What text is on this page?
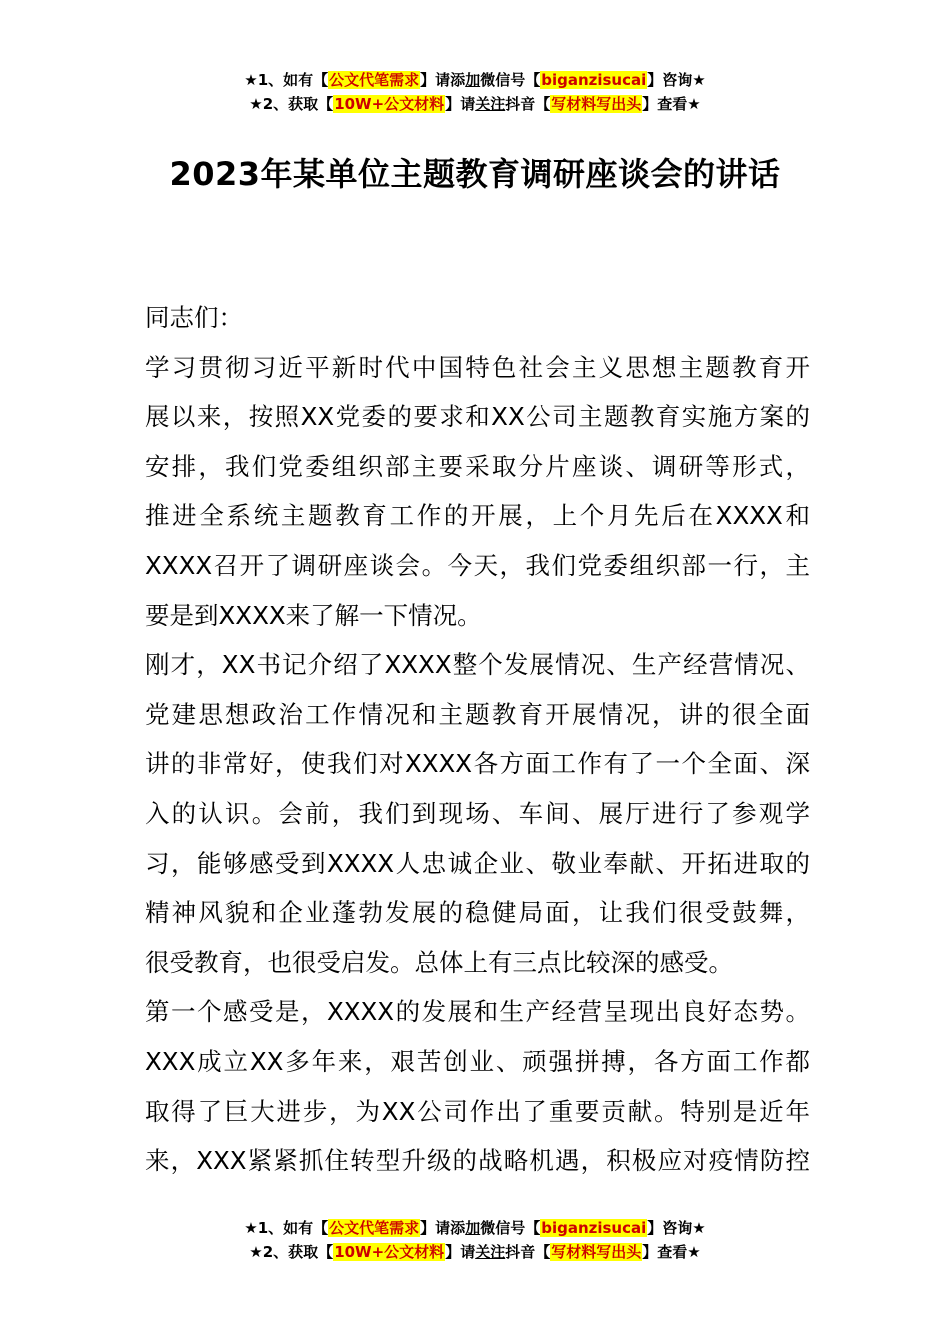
★1、如有【公文代笔需求】请添加微信号【biganzisucai】咨询★
★2、获取【10W+公文材料】请关注抖音【写材料写出头】查看★
2023年某单位主题教育调研座谈会的讲话

同志们：

学习贯彻习近平新时代中国特色社会主义思想主题教育开
展以来，按照XX党委的要求和XX公司主题教育实施方案的
安排，我们党委组织部主要采取分片座谈、调研等形式，
推进全系统主题教育工作的开展，上个月先后在XXXX和
XXXX召开了调研座谈会。今天，我们党委组织部一行，主
要是到XXXX来了解一下情况。

刚才，XX书记介绍了XXXX整个发展情况、生产经营情况、
党建思想政治工作情况和主题教育开展情况，讲的很全面
讲的非常好，使我们对XXXX各方面工作有了一个全面、深
入的认识。会前，我们到现场、车间、展厅进行了参观学
习，能够感受到XXXX人忠诚企业、敬业奉献、开拓进取的
精神风貌和企业蓬勃发展的稳健局面，让我们很受鼓舞，
很受教育，也很受启发。总体上有三点比较深的感受。

第一个感受是，XXXX的发展和生产经营呈现出良好态势。
XXX成立XX多年来，艰苦创业、顽强拼搏，各方面工作都
取得了巨大进步，为XX公司作出了重要贡献。特别是近年
来，XXX紧紧抓住转型升级的战略机遇，积极应对疫情防控

★1、如有【公文代笔需求】请添加微信号【biganzisucai】咨询★
★2、获取【10W+公文材料】请关注抖音【写材料写出头】查看★
